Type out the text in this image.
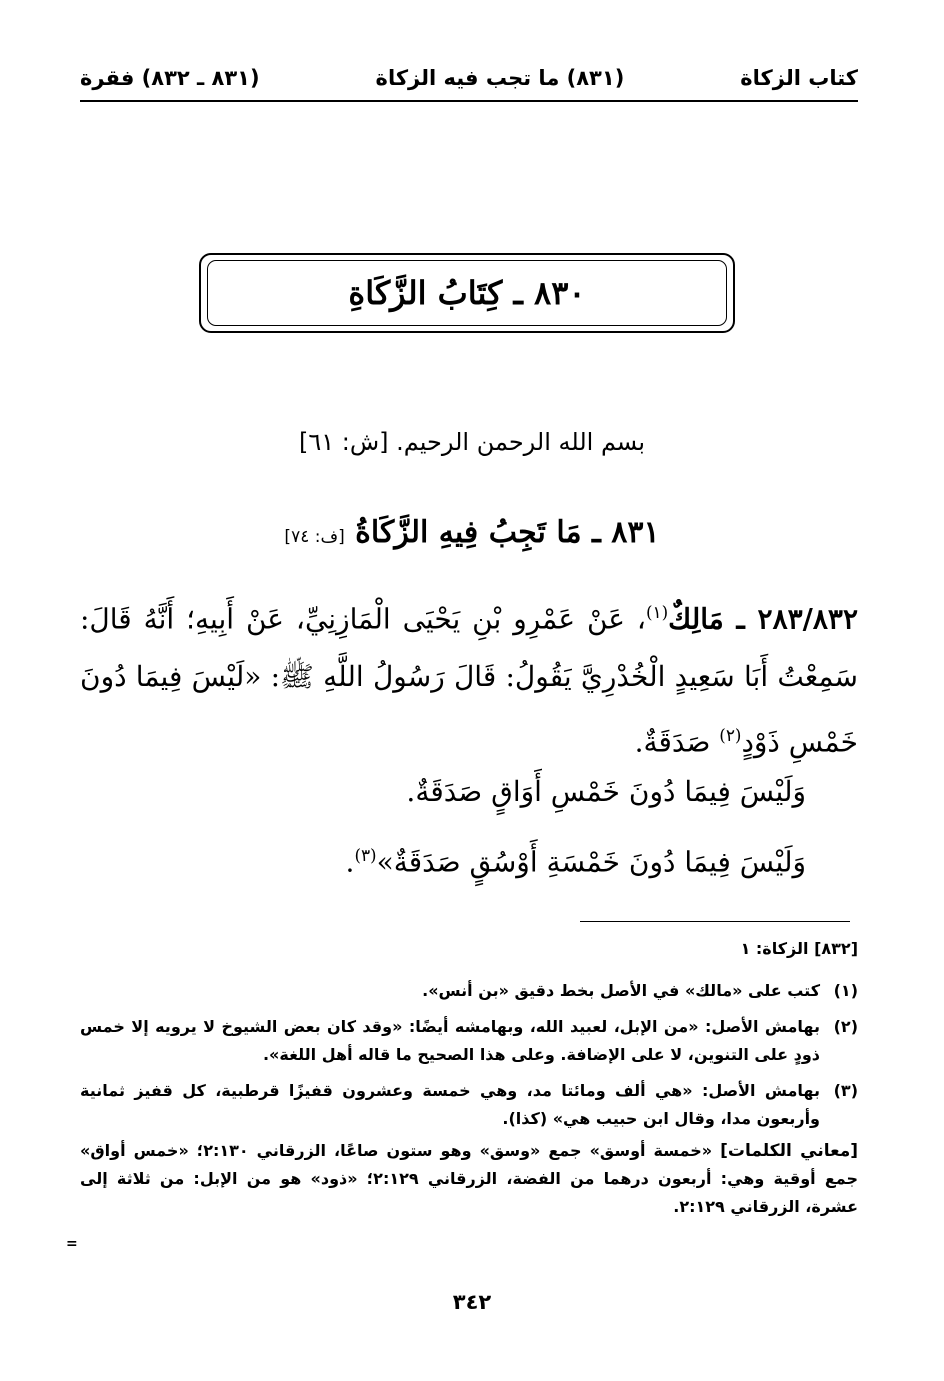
كتاب الزكاة
(٨٣١) ما تجب فيه الزكاة
(٨٣١ ـ ٨٣٢) فقرة
٨٣٠ ـ كِتَابُ الزَّكَاةِ
بسم الله الرحمن الرحيم. [ش: ٦١]
٨٣١ ـ مَا تَجِبُ فِيهِ الزَّكَاةُ [ف: ٧٤]
٢٨٣/٨٣٢ ـ مَالِكٌ$^{(١)}$، عَنْ عَمْرِو بْنِ يَحْيَى الْمَازِنِيِّ، عَنْ أَبِيهِ؛ أَنَّهُ قَالَ: سَمِعْتُ أَبَا سَعِيدٍ الْخُدْرِيَّ يَقُولُ: قَالَ رَسُولُ اللَّهِ ﷺ: «لَيْسَ فِيمَا دُونَ خَمْسِ ذَوْدٍ$^{(٢)}$ صَدَقَةٌ.
وَلَيْسَ فِيمَا دُونَ خَمْسِ أَوَاقٍ صَدَقَةٌ.
وَلَيْسَ فِيمَا دُونَ خَمْسَةِ أَوْسُقٍ صَدَقَةٌ»$^{(٣)}$.
[٨٣٢] الزكاة: ١
(١)
كتب على «مالك» في الأصل بخط دقيق «بن أنس».
(٢)
بهامش الأصل: «من الإبل، لعبيد الله، وبهامشه أيضًا: «وقد كان بعض الشيوخ لا يرويه إلا خمس ذودٍ على التنوين، لا على الإضافة. وعلى هذا الصحيح ما قاله أهل اللغة».
(٣)
بهامش الأصل: «هي ألف ومائتا مد، وهي خمسة وعشرون قفيزًا قرطبية، كل قفيز ثمانية وأربعون مدا، وقال ابن حبيب هي» (كذا).
[معاني الكلمات] «خمسة أوسق» جمع «وسق» وهو ستون صاعًا، الزرقاني ٢:١٣٠؛ «خمس أواق» جمع أوقية وهي: أربعون درهما من الفضة، الزرقاني ٢:١٢٩؛ «ذود» هو من الإبل: من ثلاثة إلى عشرة، الزرقاني ٢:١٢٩.
=
٣٤٢
